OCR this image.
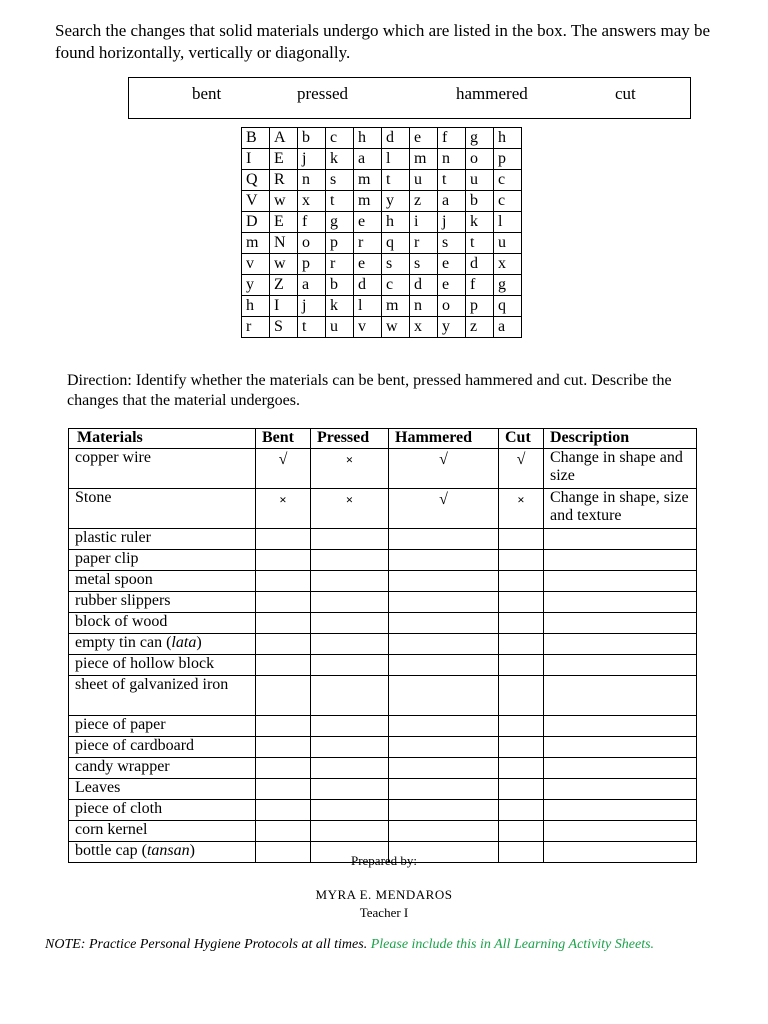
Search the changes that solid materials undergo which are listed in the box. The answers may be found horizontally, vertically or diagonally.

bent	pressed	hammered	cut
B	A	b	c	h	d	e	f	g	h
I	E	j	k	a	l	m	n	o	p
Q	R	n	s	m	t	u	t	u	c
V	w	x	t	m	y	z	a	b	c
D	E	f	g	e	h	i	j	k	l
m	N	o	p	r	q	r	s	t	u
v	w	p	r	e	s	s	e	d	x
y	Z	a	b	d	c	d	e	f	g
h	I	j	k	l	m	n	o	p	q
r	S	t	u	v	w	x	y	z	a

Direction: Identify whether the materials can be bent, pressed hammered and cut. Describe the changes that the material undergoes.

Materials	Bent	Pressed	Hammered	Cut	Description
copper wire	√	×	√	√	Change in shape and size
Stone	×	×	√	×	Change in shape, size and texture
plastic ruler					
paper clip					
metal spoon					
rubber slippers					
block of wood					
empty tin can (lata)					
piece of hollow block					
sheet of galvanized iron					
piece of paper					
piece of cardboard					
candy wrapper					
Leaves					
piece of cloth					
corn kernel					
bottle cap (tansan)					
Prepared by:
MYRA E. MENDAROS
Teacher I

NOTE: Practice Personal Hygiene Protocols at all times. Please include this in All Learning Activity Sheets.
